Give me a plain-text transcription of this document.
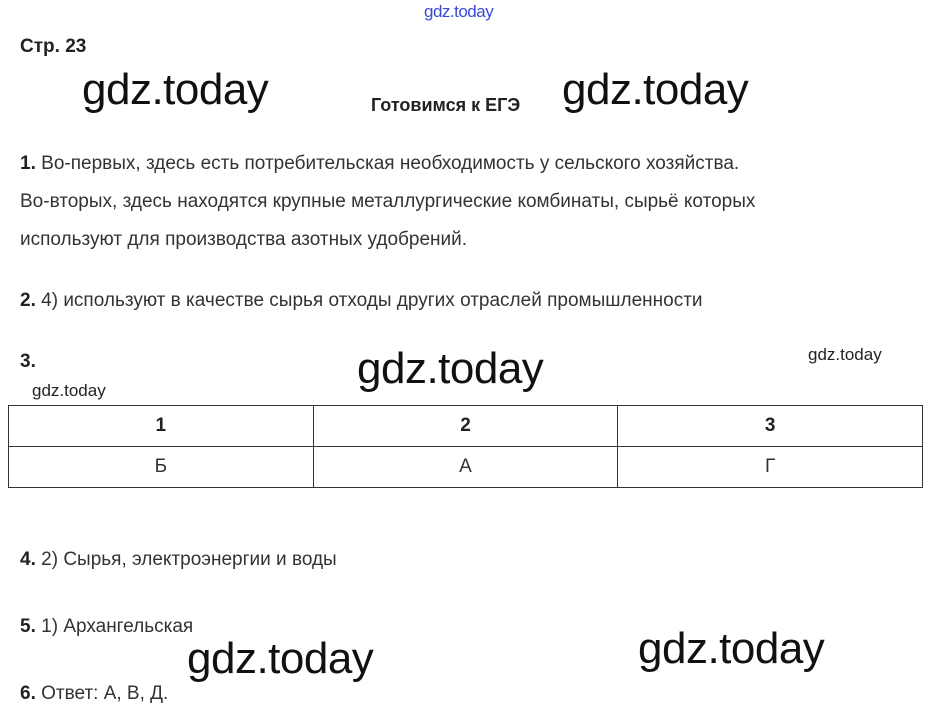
gdz.today
Стр. 23
Готовимся к ЕГЭ
gdz.today	gdz.today
gdz.today
gdz.today	gdz.today
gdz.today
gdz.today
1. Во-первых, здесь есть потребительская необходимость у сельского хозяйства.
Во-вторых, здесь находятся крупные металлургические комбинаты, сырьё которых
используют для производства азотных удобрений.
2. 4) используют в качестве сырья отходы других отраслей промышленности
3.
1	2	3
Б	А	Г
4. 2) Сырья, электроэнергии и воды
5. 1) Архангельская
6. Ответ: А, В, Д.
